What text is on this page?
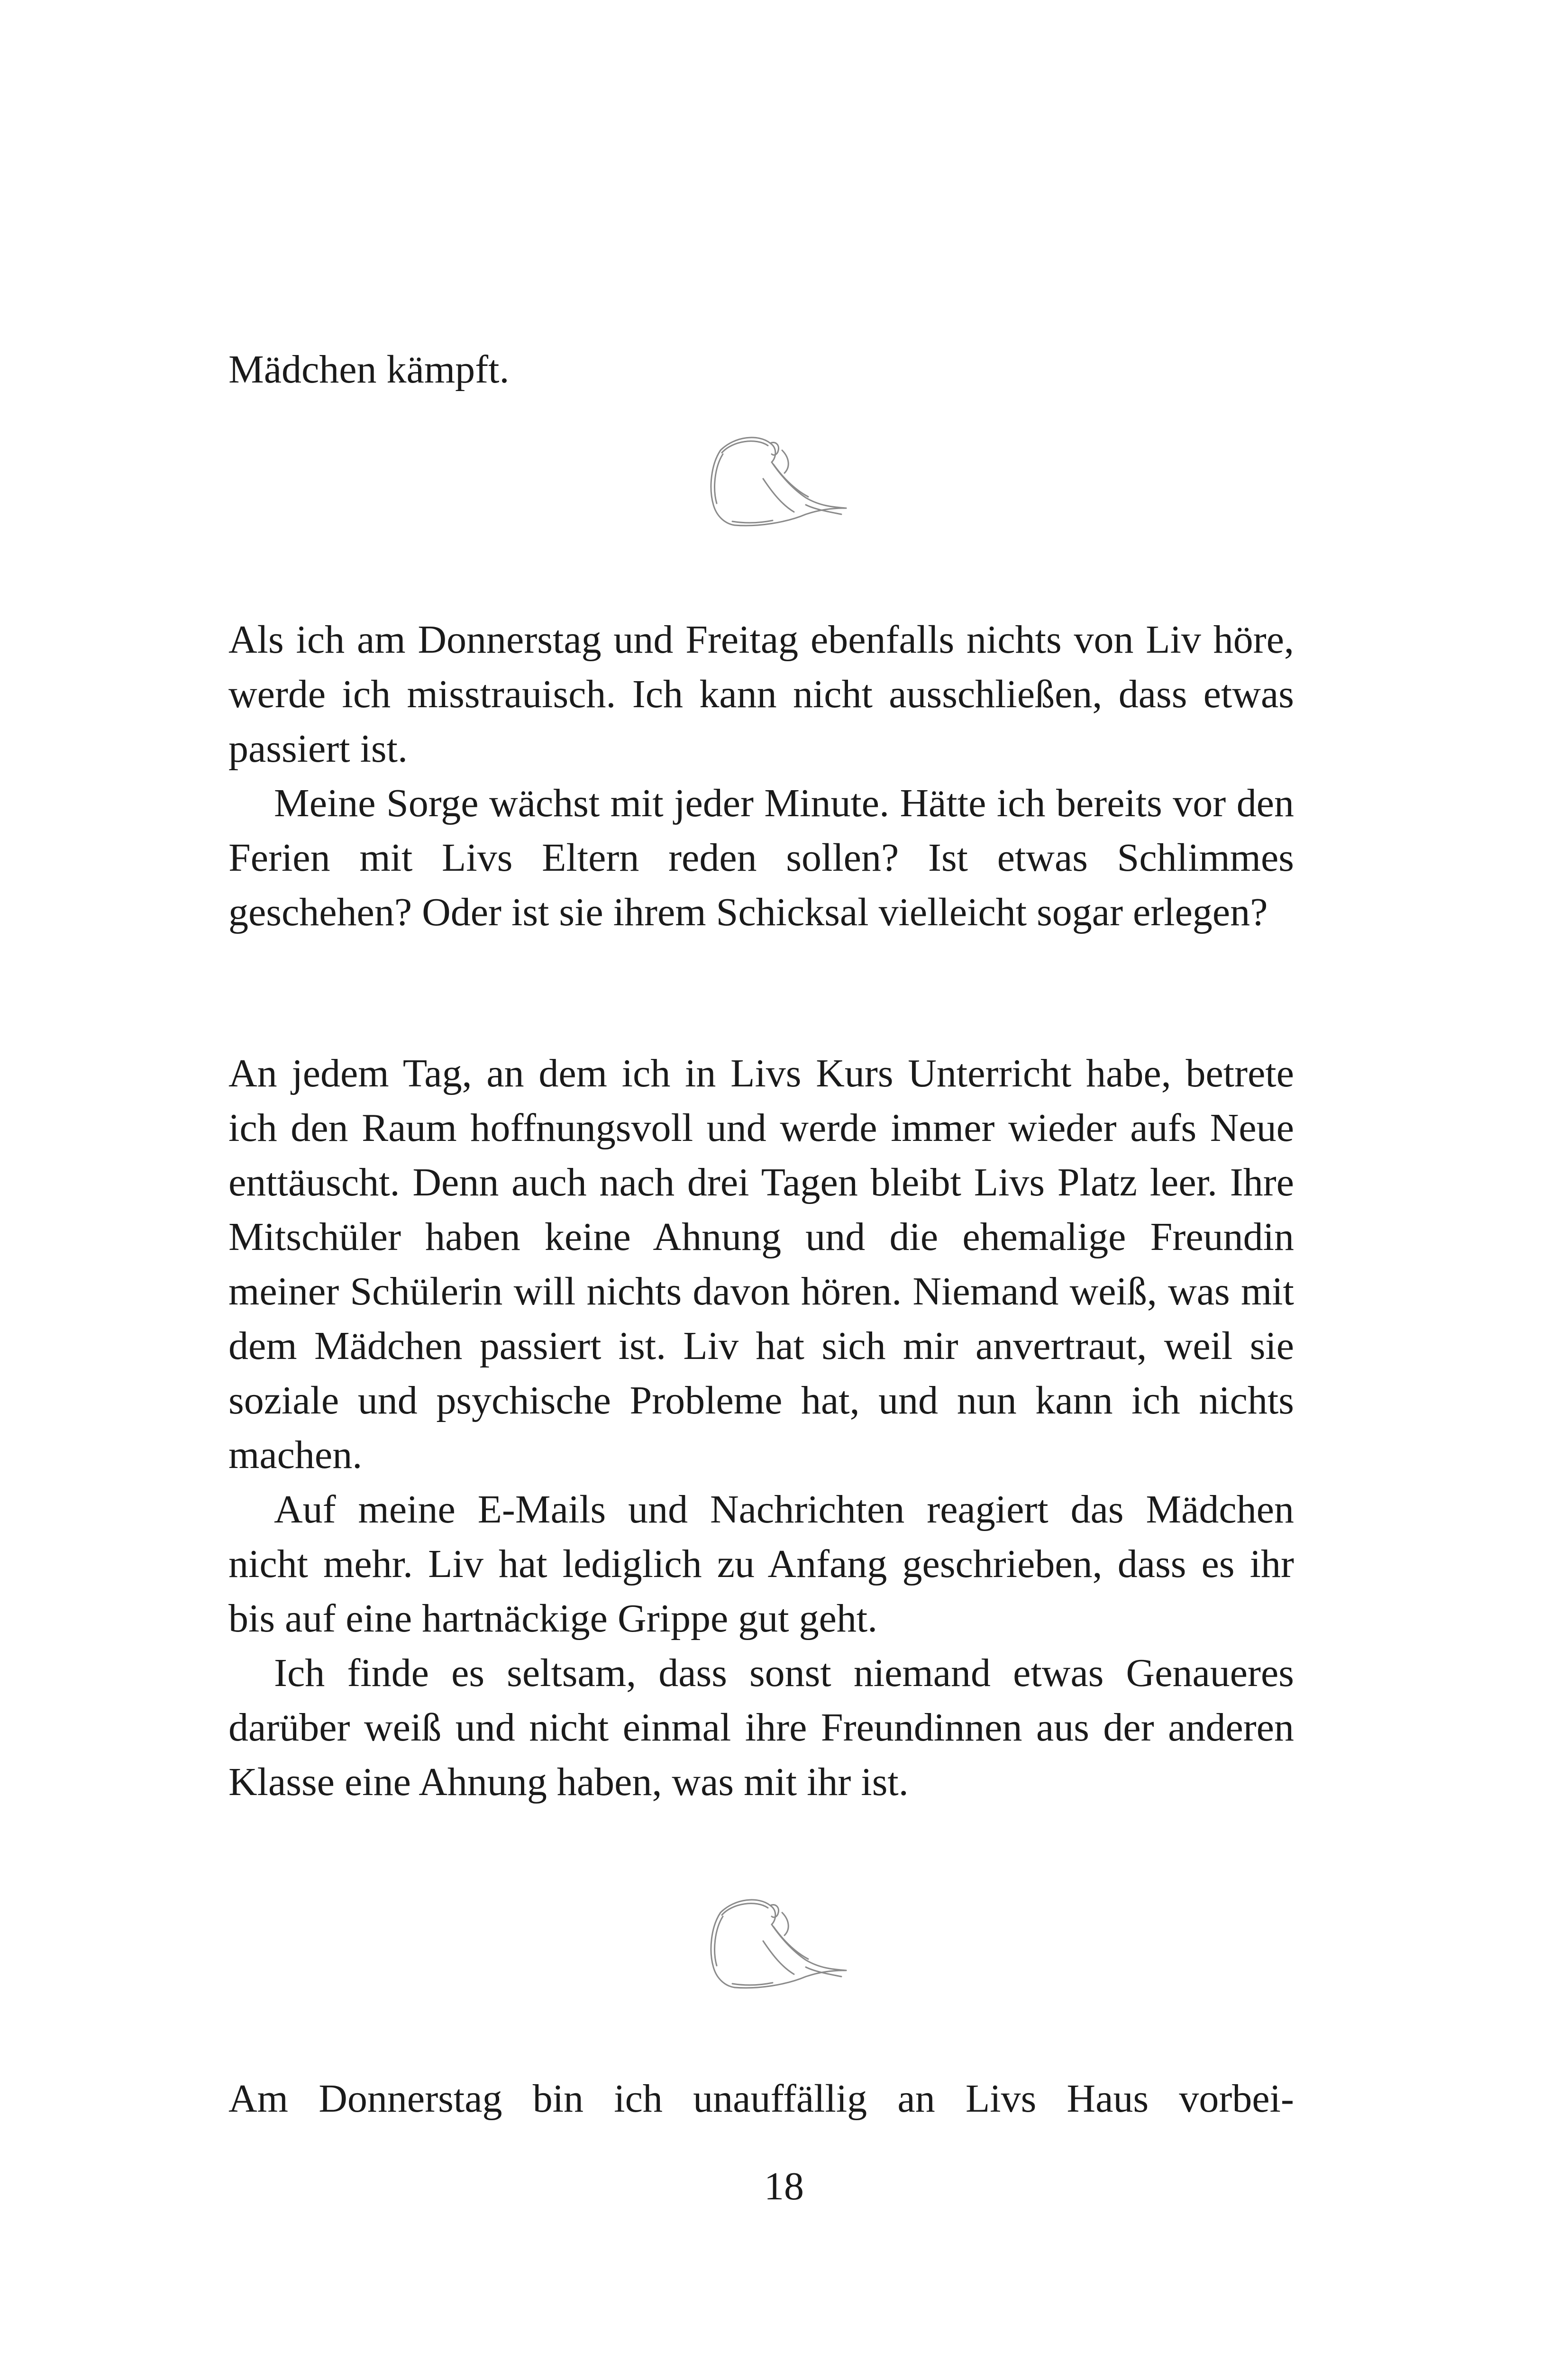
Mädchen kämpft.

Als ich am Donnerstag und Freitag ebenfalls nichts von Liv höre, werde ich misstrauisch. Ich kann nicht ausschließen, dass etwas passiert ist.

Meine Sorge wächst mit jeder Minute. Hätte ich bereits vor den Ferien mit Livs Eltern reden sollen? Ist etwas Schlimmes geschehen? Oder ist sie ihrem Schicksal vielleicht sogar erlegen?

An jedem Tag, an dem ich in Livs Kurs Unterricht habe, betrete ich den Raum hoffnungsvoll und werde immer wieder aufs Neue enttäuscht. Denn auch nach drei Tagen bleibt Livs Platz leer. Ihre Mitschüler haben keine Ahnung und die ehemalige Freundin meiner Schülerin will nichts davon hören. Niemand weiß, was mit dem Mädchen passiert ist. Liv hat sich mir anvertraut, weil sie soziale und psychische Probleme hat, und nun kann ich nichts machen.

Auf meine E-Mails und Nachrichten reagiert das Mädchen nicht mehr. Liv hat lediglich zu Anfang geschrieben, dass es ihr bis auf eine hartnäckige Grippe gut geht.

Ich finde es seltsam, dass sonst niemand etwas Genaueres darüber weiß und nicht einmal ihre Freundinnen aus der anderen Klasse eine Ahnung haben, was mit ihr ist.

Am Donnerstag bin ich unauffällig an Livs Haus vorbei-

18
